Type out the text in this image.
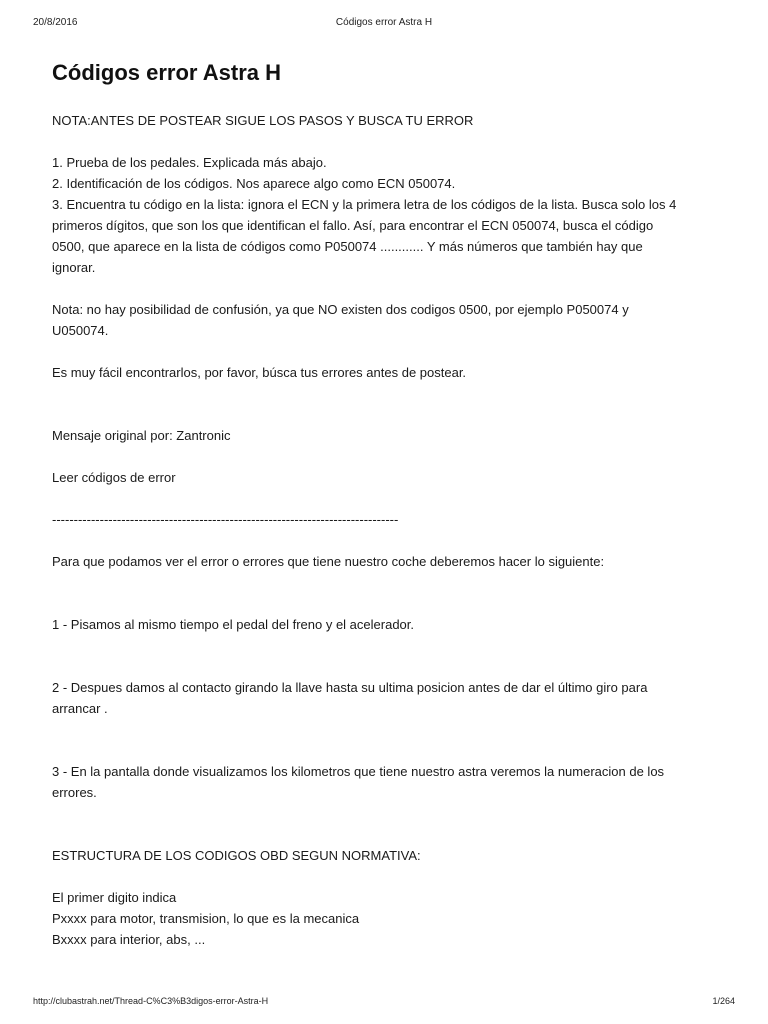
20/8/2016	Códigos error Astra H
Códigos error Astra H

NOTA:ANTES DE POSTEAR SIGUE LOS PASOS Y BUSCA TU ERROR

1. Prueba de los pedales. Explicada más abajo.

2. Identificación de los códigos. Nos aparece algo como ECN 050074.

3. Encuentra tu código en la lista: ignora el ECN y la primera letra de los códigos de la lista. Busca solo los 4

primeros dígitos, que son los que identifican el fallo. Así, para encontrar el ECN 050074, busca el código

0500, que aparece en la lista de códigos como P050074 ............ Y más números que también hay que

ignorar.

Nota: no hay posibilidad de confusión, ya que NO existen dos codigos 0500, por ejemplo P050074 y

U050074.

Es muy fácil encontrarlos, por favor, búsca tus errores antes de postear.

Mensaje original por: Zantronic

Leer códigos de error

--------------------------------------------------------------------------------

Para que podamos ver el error o errores que tiene nuestro coche deberemos hacer lo siguiente:

1 - Pisamos al mismo tiempo el pedal del freno y el acelerador.

2 - Despues damos al contacto girando la llave hasta su ultima posicion antes de dar el último giro para

arrancar .

3 - En la pantalla donde visualizamos los kilometros que tiene nuestro astra veremos la numeracion de los

errores.

ESTRUCTURA DE LOS CODIGOS OBD SEGUN NORMATIVA:

El primer digito indica

Pxxxx para motor, transmision, lo que es la mecanica

Bxxxx para interior, abs, ...

http://clubastrah.net/Thread-C%C3%B3digos-error-Astra-H	1/264
